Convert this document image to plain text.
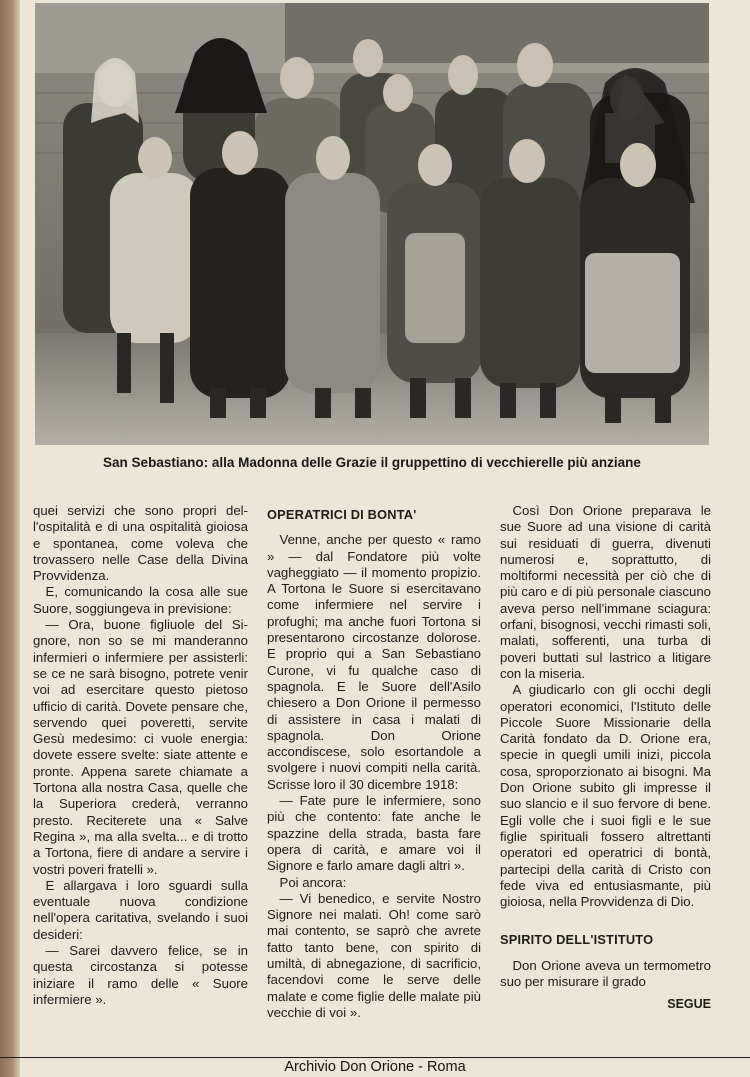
San Sebastiano: alla Madonna delle Grazie il gruppettino di vecchierelle più anziane

quei servizi che sono propri dell'ospitalità e di una ospitalità gioiosa e spontanea, come voleva che trovassero nelle Case della Divina Provvidenza.

E, comunicando la cosa alle sue Suore, soggiungeva in previsione:

— Ora, buone figliuole del Signore, non so se mi manderanno infermieri o infermiere per assisterli: se ce ne sarà bisogno, potrete venir voi ad esercitare questo pietoso ufficio di carità. Dovete pensare che, servendo quei poveretti, servite Gesù medesimo: ci vuole energia: dovete essere svelte: siate attente e pronte. Appena sarete chiamate a Tortona alla nostra Casa, quelle che la Superiora crederà, verranno presto. Reciterete una « Salve Regina », ma alla svelta... e di trotto a Tortona, fiere di andare a servire i vostri poveri fratelli ».

E allargava i loro sguardi sulla eventuale nuova condizione nell'opera caritativa, svelando i suoi desideri:

— Sarei davvero felice, se in questa circostanza si potesse iniziare il ramo delle « Suore infermiere ».

OPERATRICI DI BONTA'

Venne, anche per questo « ramo » — dal Fondatore più volte vagheggiato — il momento propizio. A Tortona le Suore si esercitavano come infermiere nel servire i profughi; ma anche fuori Tortona si presentarono circostanze dolorose. E proprio qui a San Sebastiano Curone, vi fu qualche caso di spagnola. E le Suore dell'Asilo chiesero a Don Orione il permesso di assistere in casa i malati di spagnola. Don Orione accondiscese, solo esortandole a svolgere i nuovi compiti nella carità. Scrisse loro il 30 dicembre 1918:

— Fate pure le infermiere, sono più che contento: fate anche le spazzine della strada, basta fare opera di carità, e amare voi il Signore e farlo amare dagli altri ».

Poi ancora:

— Vi benedico, e servite Nostro Signore nei malati. Oh! come sarò mai contento, se saprò che avrete fatto tanto bene, con spirito di umiltà, di abnegazione, di sacrificio, facendovi come le serve delle malate e come figlie delle malate più vecchie di voi ».

Così Don Orione preparava le sue Suore ad una visione di carità sui residuati di guerra, divenuti numerosi e, soprattutto, di moltiformi necessità per ciò che di più caro e di più personale ciascuno aveva perso nell'immane sciagura: orfani, bisognosi, vecchi rimasti soli, malati, sofferenti, una turba di poveri buttati sul lastrico a litigare con la miseria.

A giudicarlo con gli occhi degli operatori economici, l'Istituto delle Piccole Suore Missionarie della Carità fondato da D. Orione era, specie in quegli umili inizi, piccola cosa, sproporzionato ai bisogni. Ma Don Orione subito gli impresse il suo slancio e il suo fervore di bene. Egli volle che i suoi figli e le sue figlie spirituali fossero altrettanti operatori ed operatrici di bontà, partecipi della carità di Cristo con fede viva ed entusiasmante, più gioiosa, nella Provvidenza di Dio.

SPIRITO DELL'ISTITUTO

Don Orione aveva un termometro suo per misurare il grado

SEGUE
Archivio Don Orione - Roma
